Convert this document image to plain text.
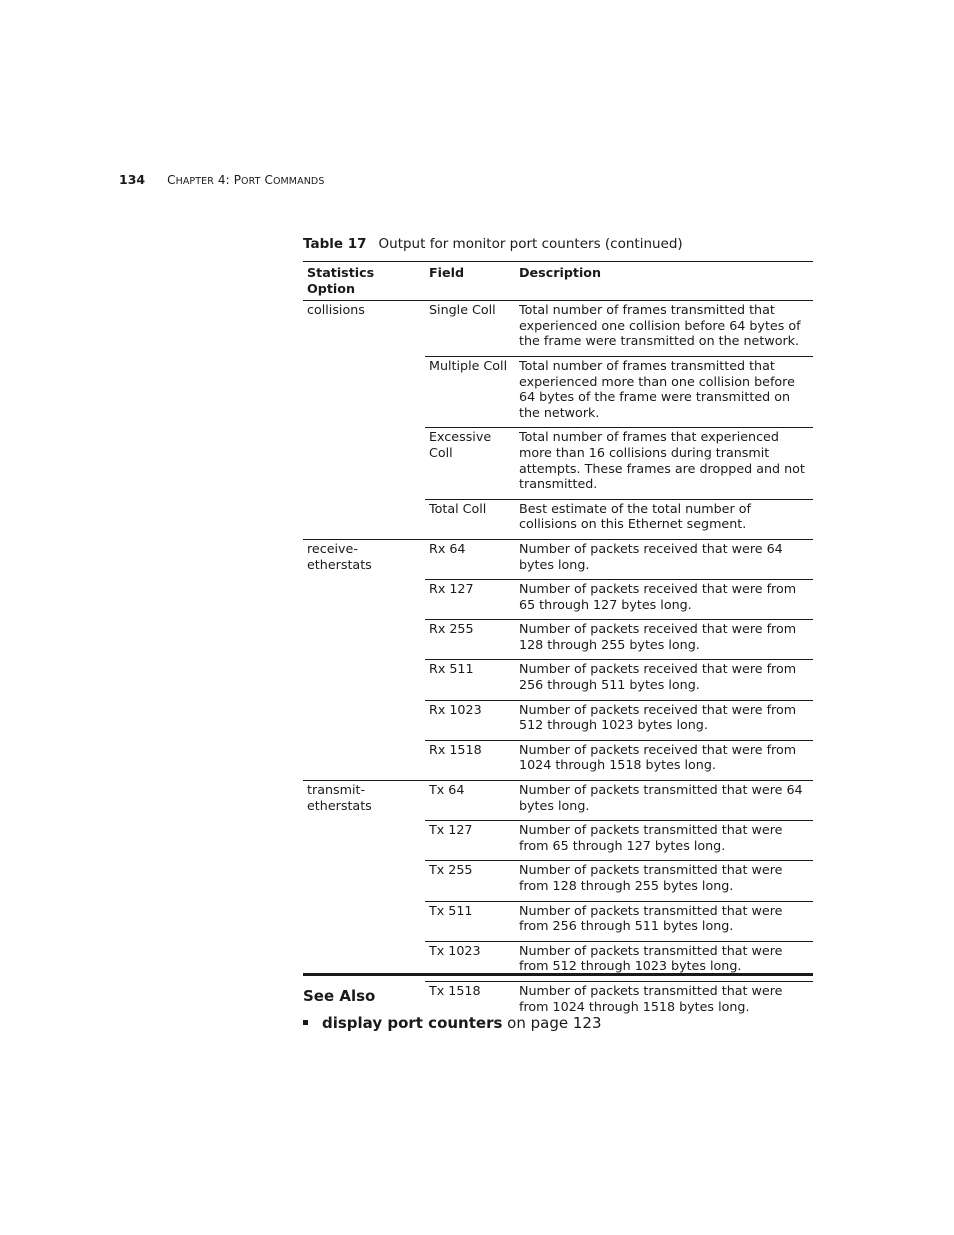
134 CHAPTER 4: PORT COMMANDS
Table 17 Output for monitor port counters (continued)
Statistics Option	Field	Description
collisions	Single Coll	Total number of frames transmitted that experienced one collision before 64 bytes of the frame were transmitted on the network.
	Multiple Coll	Total number of frames transmitted that experienced more than one collision before 64 bytes of the frame were transmitted on the network.
	Excessive Coll	Total number of frames that experienced more than 16 collisions during transmit attempts. These frames are dropped and not transmitted.
	Total Coll	Best estimate of the total number of collisions on this Ethernet segment.
receive-etherstats	Rx 64	Number of packets received that were 64 bytes long.
	Rx 127	Number of packets received that were from 65 through 127 bytes long.
	Rx 255	Number of packets received that were from 128 through 255 bytes long.
	Rx 511	Number of packets received that were from 256 through 511 bytes long.
	Rx 1023	Number of packets received that were from 512 through 1023 bytes long.
	Rx 1518	Number of packets received that were from 1024 through 1518 bytes long.
transmit-etherstats	Tx 64	Number of packets transmitted that were 64 bytes long.
	Tx 127	Number of packets transmitted that were from 65 through 127 bytes long.
	Tx 255	Number of packets transmitted that were from 128 through 255 bytes long.
	Tx 511	Number of packets transmitted that were from 256 through 511 bytes long.
	Tx 1023	Number of packets transmitted that were from 512 through 1023 bytes long.
	Tx 1518	Number of packets transmitted that were from 1024 through 1518 bytes long.
See Also
display port counters on page 123
